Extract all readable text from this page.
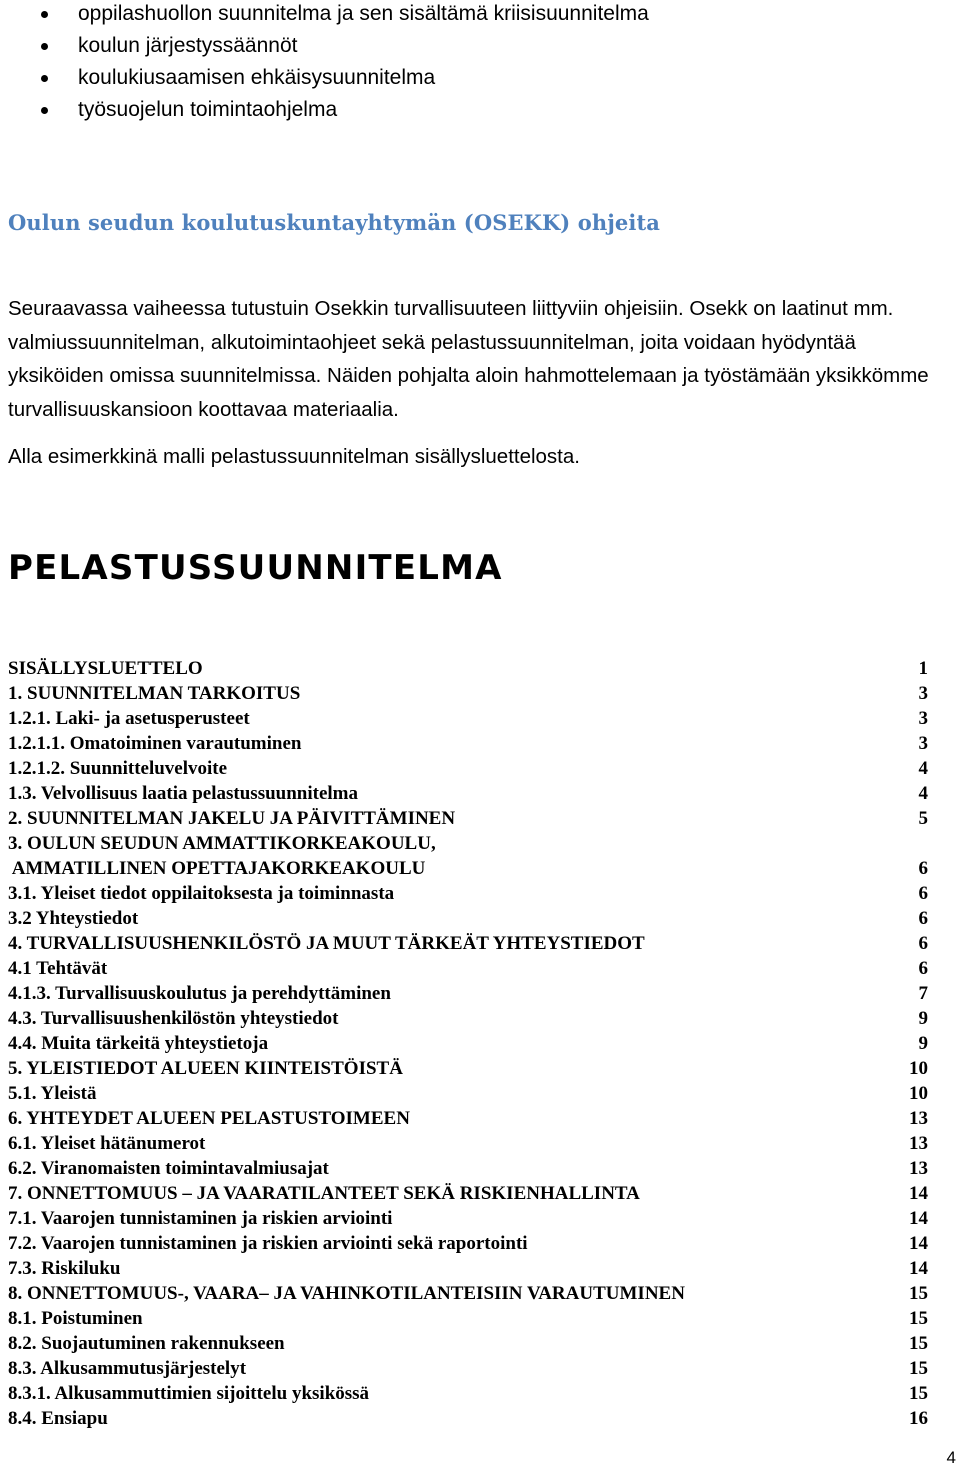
oppilashuollon suunnitelma ja sen sisältämä kriisisuunnitelma
koulun järjestyssäännöt
koulukiusaamisen ehkäisysuunnitelma
työsuojelun toimintaohjelma
Oulun seudun koulutuskuntayhtymän (OSEKK) ohjeita

Seuraavassa vaiheessa tutustuin Osekkin turvallisuuteen liittyviin ohjeisiin. Osekk on laatinut mm. valmiussuunnitelman, alkutoimintaohjeet sekä pelastussuunnitelman, joita voidaan hyödyntää yksiköiden omissa suunnitelmissa. Näiden pohjalta aloin hahmottelemaan ja työstämään yksikkömme turvallisuuskansioon koottavaa materiaalia.

Alla esimerkkinä malli pelastussuunnitelman sisällysluettelosta.

PELASTUSSUUNNITELMA
SISÄLLYSLUETTELO	1
1. SUUNNITELMAN TARKOITUS	3
1.2.1. Laki- ja asetusperusteet	3
1.2.1.1. Omatoiminen varautuminen	3
1.2.1.2. Suunnitteluvelvoite	4
1.3. Velvollisuus laatia pelastussuunnitelma	4
2. SUUNNITELMAN JAKELU JA PÄIVITTÄMINEN	5
3. OULUN SEUDUN AMMATTIKORKEAKOULU,
AMMATILLINEN OPETTAJAKORKEAKOULU	6
3.1. Yleiset tiedot oppilaitoksesta ja toiminnasta	6
3.2 Yhteystiedot	6
4. TURVALLISUUSHENKILÖSTÖ JA MUUT TÄRKEÄT YHTEYSTIEDOT	6
4.1 Tehtävät	6
4.1.3. Turvallisuuskoulutus ja perehdyttäminen	7
4.3. Turvallisuushenkilöstön yhteystiedot	9
4.4. Muita tärkeitä yhteystietoja	9
5. YLEISTIEDOT ALUEEN KIINTEISTÖISTÄ	10
5.1. Yleistä	10
6. YHTEYDET ALUEEN PELASTUSTOIMEEN	13
6.1. Yleiset hätänumerot	13
6.2. Viranomaisten toimintavalmiusajat	13
7. ONNETTOMUUS – JA VAARATILANTEET SEKÄ RISKIENHALLINTA	14
7.1. Vaarojen tunnistaminen ja riskien arviointi	14
7.2. Vaarojen tunnistaminen ja riskien arviointi sekä raportointi	14
7.3. Riskiluku	14
8. ONNETTOMUUS-, VAARA– JA VAHINKOTILANTEISIIN VARAUTUMINEN	15
8.1. Poistuminen	15
8.2. Suojautuminen rakennukseen	15
8.3. Alkusammutusjärjestelyt	15
8.3.1. Alkusammuttimien sijoittelu yksikössä	15
8.4. Ensiapu	16
4
